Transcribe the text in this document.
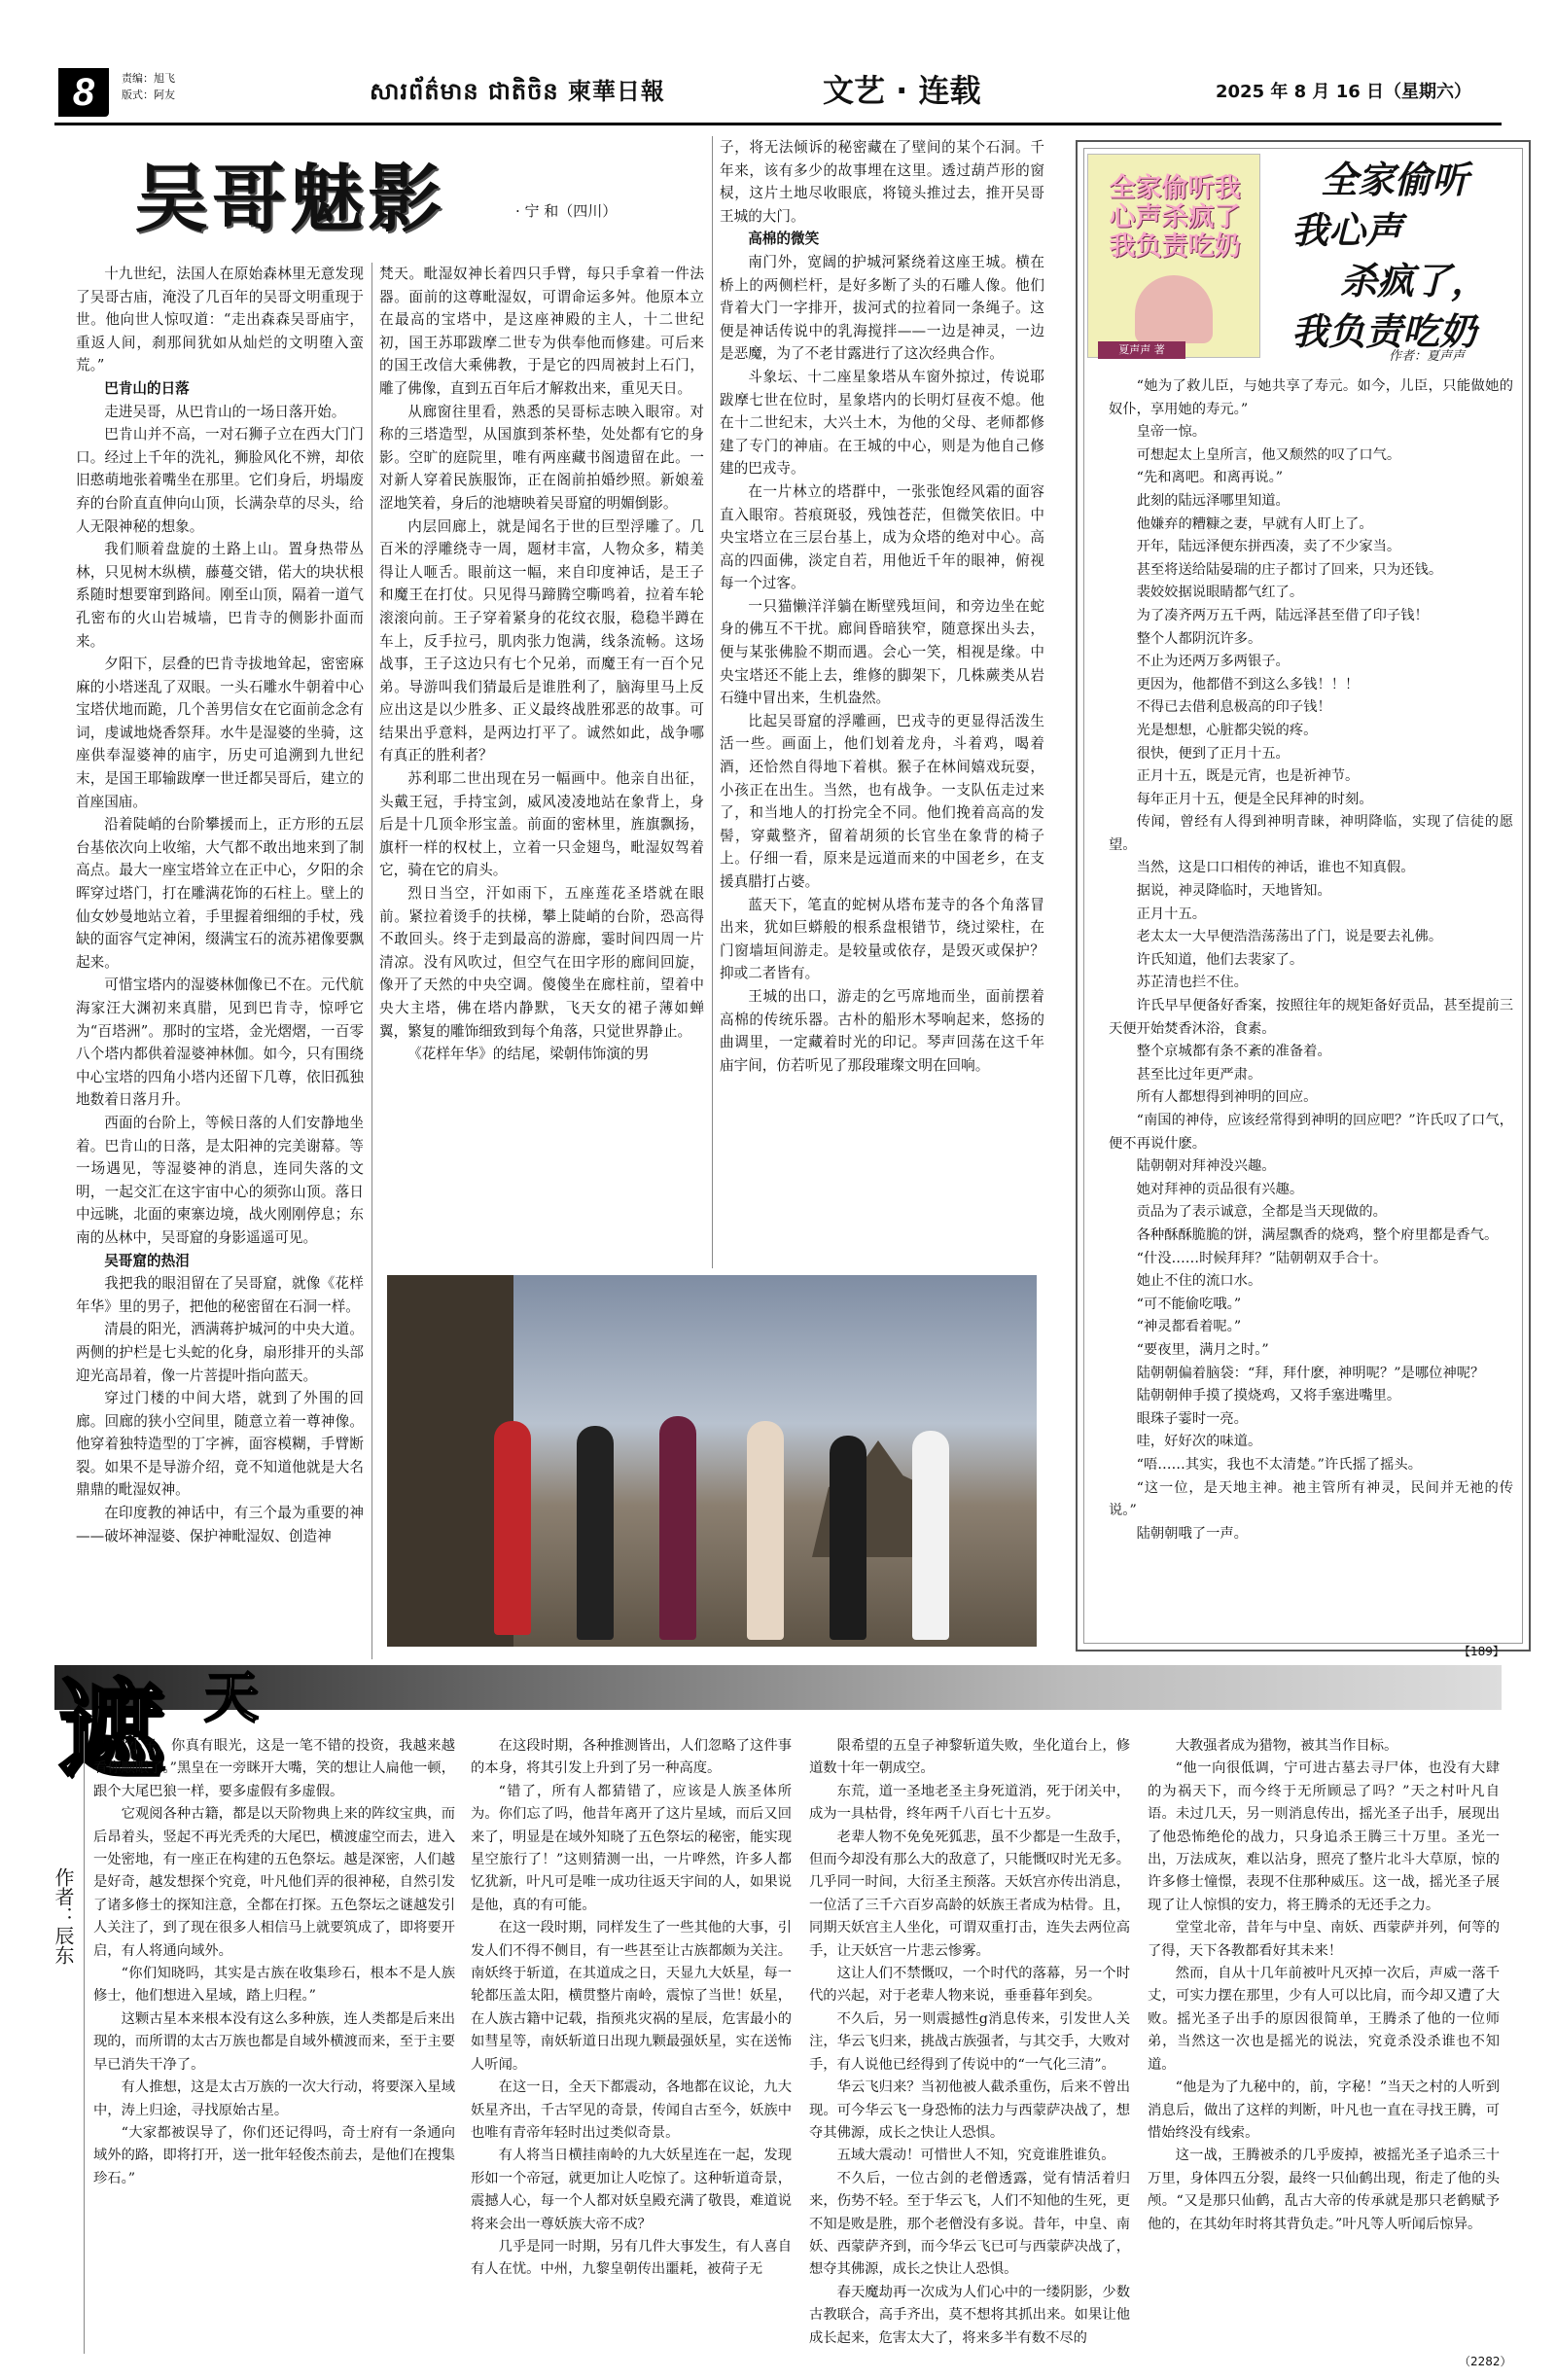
8	责编：旭飞
版式：阿友	សារព័ត៌មាន ជាតិចិន 柬華日報	文艺 · 连载	2025 年 8 月 16 日（星期六）
吴哥魅影	· 宁 和（四川）

十九世纪，法国人在原始森林里无意发现了吴哥古庙，淹没了几百年的吴哥文明重现于世。他向世人惊叹道：“走出森森吴哥庙宇，重返人间，刹那间犹如从灿烂的文明堕入蛮荒。”

巴肯山的日落

走进吴哥，从巴肯山的一场日落开始。

巴肯山并不高，一对石狮子立在西大门门口。经过上千年的洗礼，狮脸风化不辨，却依旧憨萌地张着嘴坐在那里。它们身后，坍塌废弃的台阶直直伸向山顶，长满杂草的尽头，给人无限神秘的想象。

我们顺着盘旋的土路上山。置身热带丛林，只见树木纵横，藤蔓交错，偌大的块状根系随时想要窜到路间。刚至山顶，隔着一道气孔密布的火山岩城墙，巴肯寺的侧影扑面而来。

夕阳下，层叠的巴肯寺拔地耸起，密密麻麻的小塔迷乱了双眼。一头石雕水牛朝着中心宝塔伏地而跪，几个善男信女在它面前念念有词，虔诚地烧香祭拜。水牛是湿婆的坐骑，这座供奉湿婆神的庙宇，历史可追溯到九世纪末，是国王耶输跋摩一世迁都吴哥后，建立的首座国庙。

沿着陡峭的台阶攀援而上，正方形的五层台基依次向上收缩，大气都不敢出地来到了制高点。最大一座宝塔耸立在正中心，夕阳的余晖穿过塔门，打在雕满花饰的石柱上。壁上的仙女妙曼地站立着，手里握着细细的手杖，残缺的面容气定神闲，缀满宝石的流苏裙像要飘起来。

可惜宝塔内的湿婆林伽像已不在。元代航海家汪大渊初来真腊，见到巴肯寺，惊呼它为“百塔洲”。那时的宝塔，金光熠熠，一百零八个塔内都供着湿婆神林伽。如今，只有围绕中心宝塔的四角小塔内还留下几尊，依旧孤独地数着日落月升。

西面的台阶上，等候日落的人们安静地坐着。巴肯山的日落，是太阳神的完美谢幕。等一场遇见，等湿婆神的消息，连同失落的文明，一起交汇在这宇宙中心的须弥山顶。落日中远眺，北面的柬寨边境，战火刚刚停息；东南的丛林中，吴哥窟的身影遥遥可见。

吴哥窟的热泪

我把我的眼泪留在了吴哥窟，就像《花样年华》里的男子，把他的秘密留在石洞一样。

清晨的阳光，洒满蒋护城河的中央大道。两侧的护栏是七头蛇的化身，扇形排开的头部迎光高昂着，像一片菩提叶指向蓝天。

穿过门楼的中间大塔，就到了外围的回廊。回廊的狭小空间里，随意立着一尊神像。他穿着独特造型的丁字裤，面容模糊，手臂断裂。如果不是导游介绍，竟不知道他就是大名鼎鼎的毗湿奴神。

在印度教的神话中，有三个最为重要的神——破坏神湿婆、保护神毗湿奴、创造神

梵天。毗湿奴神长着四只手臂，每只手拿着一件法器。面前的这尊毗湿奴，可谓命运多舛。他原本立在最高的宝塔中，是这座神殿的主人，十二世纪初，国王苏耶跋摩二世专为供奉他而修建。可后来的国王改信大乘佛教，于是它的四周被封上石门，雕了佛像，直到五百年后才解救出来，重见天日。

从廊窗往里看，熟悉的吴哥标志映入眼帘。对称的三塔造型，从国旗到茶杯垫，处处都有它的身影。空旷的庭院里，唯有两座藏书阁遗留在此。一对新人穿着民族服饰，正在阁前拍婚纱照。新娘羞涩地笑着，身后的池塘映着吴哥窟的明媚倒影。

内层回廊上，就是闻名于世的巨型浮雕了。几百米的浮雕绕寺一周，题材丰富，人物众多，精美得让人咂舌。眼前这一幅，来自印度神话，是王子和魔王在打仗。只见得马蹄腾空嘶鸣着，拉着车轮滚滚向前。王子穿着紧身的花纹衣服，稳稳半蹲在车上，反手拉弓，肌肉张力饱满，线条流畅。这场战事，王子这边只有七个兄弟，而魔王有一百个兄弟。导游叫我们猜最后是谁胜利了，脑海里马上反应出这是以少胜多、正义最终战胜邪恶的故事。可结果出乎意料，是两边打平了。诚然如此，战争哪有真正的胜利者？

苏利耶二世出现在另一幅画中。他亲自出征，头戴王冠，手持宝剑，威风凌凌地站在象背上，身后是十几顶伞形宝盖。前面的密林里，旌旗飘扬，旗杆一样的权杖上，立着一只金翅鸟，毗湿奴驾着它，骑在它的肩头。

烈日当空，汗如雨下，五座莲花圣塔就在眼前。紧拉着烫手的扶梯，攀上陡峭的台阶，恐高得不敢回头。终于走到最高的游廊，霎时间四周一片清凉。没有风吹过，但空气在田字形的廊间回旋，像开了天然的中央空调。傻傻坐在廊柱前，望着中央大主塔，佛在塔内静默，飞天女的裙子薄如蝉翼，繁复的雕饰细致到每个角落，只觉世界静止。

《花样年华》的结尾，梁朝伟饰演的男

子，将无法倾诉的秘密藏在了壁间的某个石洞。千年来，该有多少的故事埋在这里。透过葫芦形的窗棂，这片土地尽收眼底，将镜头推过去，推开吴哥王城的大门。

高棉的微笑

南门外，宽阔的护城河紧绕着这座王城。横在桥上的两侧栏杆，是好多断了头的石雕人像。他们背着大门一字排开，拔河式的拉着同一条绳子。这便是神话传说中的乳海搅拌——一边是神灵，一边是恶魔，为了不老甘露进行了这次经典合作。

斗象坛、十二座星象塔从车窗外掠过，传说耶跋摩七世在位时，星象塔内的长明灯昼夜不熄。他在十二世纪末，大兴土木，为他的父母、老师都修建了专门的神庙。在王城的中心，则是为他自己修建的巴戎寺。

在一片林立的塔群中，一张张饱经风霜的面容直入眼帘。苔痕斑驳，残蚀苍茫，但微笑依旧。中央宝塔立在三层台基上，成为众塔的绝对中心。高高的四面佛，淡定自若，用他近千年的眼神，俯视每一个过客。

一只猫懒洋洋躺在断壁残垣间，和旁边坐在蛇身的佛互不干扰。廊间昏暗狭窄，随意探出头去，便与某张佛脸不期而遇。会心一笑，相视是缘。中央宝塔还不能上去，维修的脚架下，几株蕨类从岩石缝中冒出来，生机盎然。

比起吴哥窟的浮雕画，巴戎寺的更显得活泼生活一些。画面上，他们划着龙舟，斗着鸡，喝着酒，还恰然自得地下着棋。猴子在林间嬉戏玩耍，小孩正在出生。当然，也有战争。一支队伍走过来了，和当地人的打扮完全不同。他们挽着高高的发髻，穿戴整齐，留着胡须的长官坐在象背的椅子上。仔细一看，原来是远道而来的中国老乡，在支援真腊打占婆。

蓝天下，笔直的蛇树从塔布茏寺的各个角落冒出来，犹如巨蟒般的根系盘根错节，绕过梁柱，在门窗墙垣间游走。是较量或依存，是毁灭或保护？抑或二者皆有。

王城的出口，游走的乞丐席地而坐，面前摆着高棉的传统乐器。古朴的船形木琴响起来，悠扬的曲调里，一定藏着时光的印记。琴声回荡在这千年庙宇间，仿若听见了那段璀璨文明在回响。

全家偷听我心声杀疯了我负责吃奶
夏声声 著
全家偷听
我心声
杀疯了，
我负责吃奶
作者：夏声声

“她为了救儿臣，与她共享了寿元。如今，儿臣，只能做她的奴仆，享用她的寿元。”

皇帝一惊。

可想起太上皇所言，他又颓然的叹了口气。

“先和离吧。和离再说。”

此刻的陆远泽哪里知道。

他嫌弃的糟糠之妻，早就有人盯上了。

开年，陆远泽便东拼西凑，卖了不少家当。

甚至将送给陆晏瑞的庄子都讨了回来，只为还钱。

裴姣姣据说眼睛都气红了。

为了凑齐两万五千两，陆远泽甚至借了印子钱！

整个人都阴沉许多。

不止为还两万多两银子。

更因为，他都借不到这么多钱！！！

不得已去借利息极高的印子钱！

光是想想，心脏都尖锐的疼。

很快，便到了正月十五。

正月十五，既是元宵，也是祈神节。

每年正月十五，便是全民拜神的时刻。

传闻，曾经有人得到神明青睐，神明降临，实现了信徒的愿望。

当然，这是口口相传的神话，谁也不知真假。

据说，神灵降临时，天地皆知。

正月十五。

老太太一大早便浩浩荡荡出了门，说是要去礼佛。

许氏知道，他们去裴家了。

苏芷清也拦不住。

许氏早早便备好香案，按照往年的规矩备好贡品，甚至提前三天便开始焚香沐浴，食素。

整个京城都有条不紊的准备着。

甚至比过年更严肃。

所有人都想得到神明的回应。

“南国的神侍，应该经常得到神明的回应吧？”许氏叹了口气，便不再说什麽。

陆朝朝对拜神没兴趣。

她对拜神的贡品很有兴趣。

贡品为了表示诚意，全都是当天现做的。

各种酥酥脆脆的饼，满屋飘香的烧鸡，整个府里都是香气。

“什没……时候拜拜？”陆朝朝双手合十。

她止不住的流口水。

“可不能偷吃哦。”

“神灵都看着呢。”

“要夜里，满月之时。”

陆朝朝偏着脑袋：“拜，拜什麽，神明呢？”是哪位神呢？

陆朝朝伸手摸了摸烧鸡，又将手塞进嘴里。

眼珠子霎时一亮。

哇，好好次的味道。

“唔……其实，我也不太清楚。”许氏摇了摇头。

“这一位，是天地主神。祂主管所有神灵，民间并无祂的传说。”

陆朝朝哦了一声。

【189】
遮 天
作者：辰东

“小子，你真有眼光，这是一笔不错的投资，我越来越看你顺眼了。”黑皇在一旁眯开大嘴，笑的想让人扁他一顿，跟个大尾巴狼一样，要多虚假有多虚假。

它观阅各种古籍，都是以天阶物典上来的阵纹宝典，而后昂着头，竖起不再光秃秃的大尾巴，横渡虚空而去，进入一处密地，有一座正在构建的五色祭坛。越是深密，人们越是好奇，越发想探个究竟，叶凡他们弄的很神秘，自然引发了诸多修士的探知注意，全都在打探。五色祭坛之谜越发引人关注了，到了现在很多人相信马上就要筑成了，即将要开启，有人将通向域外。

“你们知晓吗，其实是古族在收集珍石，根本不是人族修士，他们想进入星域，踏上归程。”

这颗古星本来根本没有这么多种族，连人类都是后来出现的，而所谓的太古万族也都是自域外横渡而来，至于主要早已消失干净了。

有人推想，这是太古万族的一次大行动，将要深入星域中，涛上归途，寻找原始古星。

“大家都被误导了，你们还记得吗，奇士府有一条通向域外的路，即将打开，送一批年轻俊杰前去，是他们在搜集珍石。”

在这段时期，各种推测皆出，人们忽略了这件事的本身，将其引发上升到了另一种高度。

“错了，所有人都猜错了，应该是人族圣体所为。你们忘了吗，他昔年离开了这片星域，而后又回来了，明显是在域外知晓了五色祭坛的秘密，能实现星空旅行了！”这则猜测一出，一片哗然，许多人都忆犹新，叶凡可是唯一成功往返天宇间的人，如果说是他，真的有可能。

在这一段时期，同样发生了一些其他的大事，引发人们不得不侧目，有一些甚至让古族都颇为关注。南妖终于斩道，在其道成之日，天显九大妖星，每一轮都压盖太阳，横贯整片南岭，震惊了当世！妖星，在人族古籍中记载，指预兆灾祸的星辰，危害最小的如彗星等，南妖斩道日出现九颗最强妖星，实在送怖人听闻。

在这一日，全天下都震动，各地都在议论，九大妖星齐出，千古罕见的奇景，传闻自古至今，妖族中也唯有青帝年轻时出过类似奇景。

有人将当日横挂南岭的九大妖星连在一起，发现形如一个帝冠，就更加让人吃惊了。这种斩道奇景，震撼人心，每一个人都对妖皇殿充满了敬畏，难道说将来会出一尊妖族大帝不成？

几乎是同一时期，另有几件大事发生，有人喜自有人在忧。中州，九黎皇朝传出噩耗，被荷子无

限希望的五皇子神黎斩道失败，坐化道台上，修道数十年一朝成空。

东荒，道一圣地老圣主身死道消，死于闭关中，成为一具枯骨，终年两千八百七十五岁。

老辈人物不免免死狐悲，虽不少都是一生敌手，但而今却没有那么大的敌意了，只能慨叹时光无多。几乎同一时间，大衍圣主预落。天妖宫亦传出消息，一位活了三千六百岁高龄的妖族王者成为枯骨。且，同期天妖宫主人坐化，可谓双重打击，连失去两位高手，让天妖宫一片悲云惨雾。

这让人们不禁慨叹，一个时代的落幕，另一个时代的兴起，对于老辈人物来说，垂垂暮年到矣。

不久后，另一则震撼性g消息传来，引发世人关注，华云飞归来，挑战古族强者，与其交手，大败对手，有人说他已经得到了传说中的“一气化三清”。

华云飞归来？当初他被人截杀重伤，后来不曾出现。可今华云飞一身恐怖的法力与西蒙萨决战了，想夺其佛源，成长之快让人恐惧。

五域大震动！可惜世人不知，究竟谁胜谁负。

不久后，一位古剑的老僧透露，觉有情活着归来，伤势不轻。至于华云飞，人们不知他的生死，更不知是败是胜，那个老僧没有多说。昔年，中皇、南妖、西蒙萨齐到，而今华云飞已可与西蒙萨决战了，想夺其佛源，成长之快让人恐惧。

春天魔劫再一次成为人们心中的一缕阴影，少数古教联合，高手齐出，莫不想将其抓出来。如果让他成长起来，危害太大了，将来多半有数不尽的

大教强者成为猎物，被其当作目标。

“他一向很低调，宁可进古墓去寻尸体，也没有大肆的为祸天下，而今终于无所顾忌了吗？”天之村叶凡自语。未过几天，另一则消息传出，摇光圣子出手，展现出了他恐怖绝伦的战力，只身追杀王腾三十万里。圣光一出，万法成灰，难以沾身，照亮了整片北斗大草原，惊的许多修士憧憬，表现不住那种威压。这一战，摇光圣子展现了让人惊惧的安力，将王腾杀的无还手之力。

堂堂北帝，昔年与中皇、南妖、西蒙萨并列，何等的了得，天下各教都看好其未来！

然而，自从十几年前被叶凡灭掉一次后，声威一落千丈，可实力摆在那里，少有人可以比肩，而今却又遭了大败。摇光圣子出手的原因很简单，王腾杀了他的一位师弟，当然这一次也是摇光的说法，究竟杀没杀谁也不知道。

“他是为了九秘中的，前，字秘！”当天之村的人听到消息后，做出了这样的判断，叶凡也一直在寻找王腾，可惜始终没有线索。

这一战，王腾被杀的几乎废掉，被摇光圣子追杀三十万里，身体四五分裂，最终一只仙鹤出现，衔走了他的头颅。“又是那只仙鹤，乱古大帝的传承就是那只老鹤赋予他的，在其幼年时将其背负走。”叶凡等人听闻后惊异。

（2282）
